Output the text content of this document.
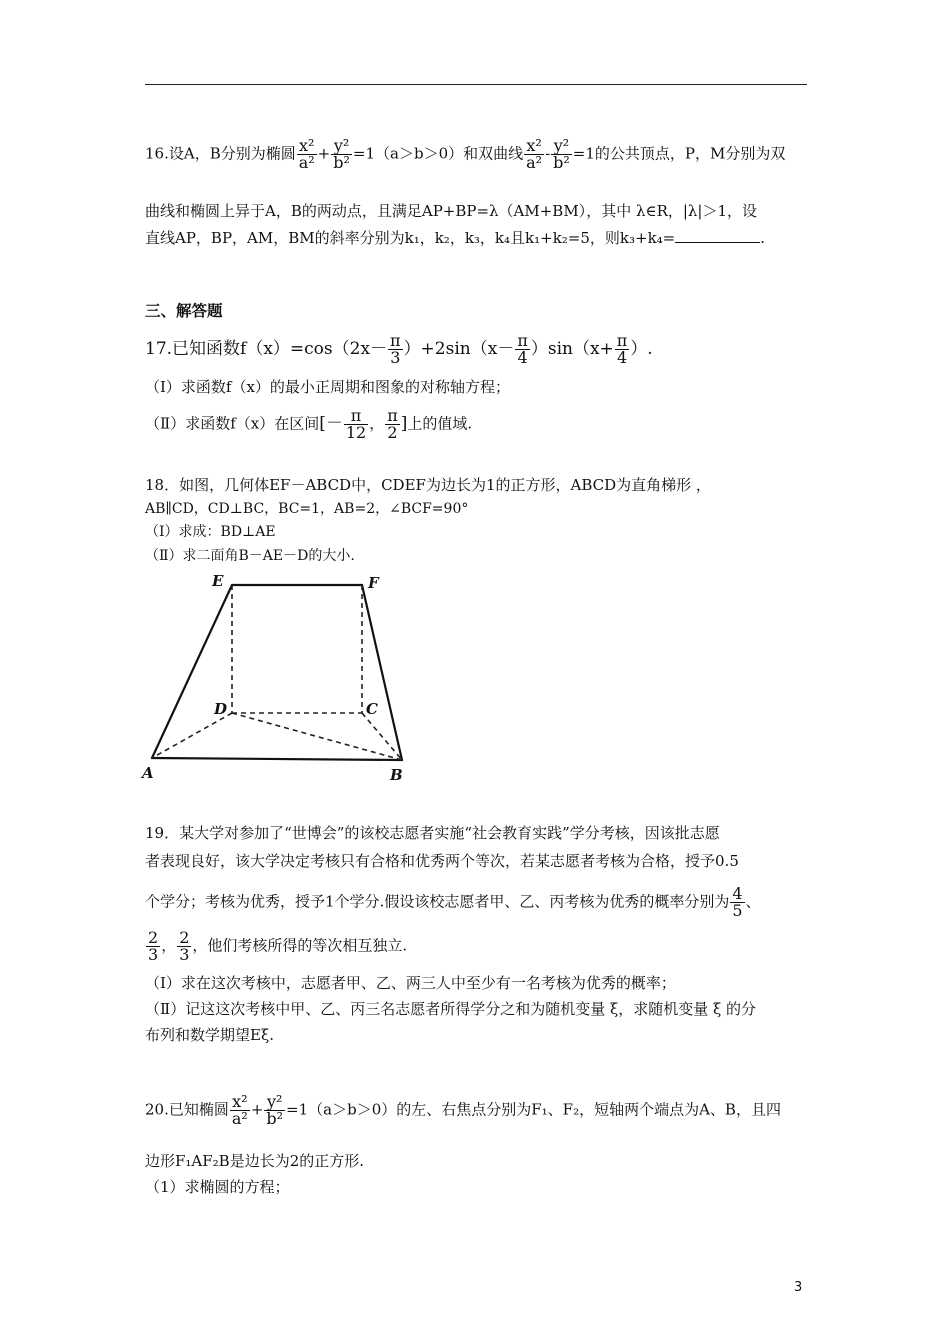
16.设A，B分别为椭圆 $\frac{\text{x²}}{\text{a²}} + \frac{\text{y²}}{\text{b²}} =1(a>b>0)$和双曲线 $\frac{\text{x²}}{\text{a²}} - \frac{\text{y²}}{\text{b²}} =1$的公共顶点，P，M分别为双
曲线和椭圆上异于A，B的两动点，且满足AP+BP=λ（AM+BM），其中 λ∈R，|λ|＞1，设
直线AP，BP，AM，BM的斜率分别为k₁，k₂，k₃，k₄且k₁+k₂=5，则k₃+k₄=	.
三、解答题
17.已知函数$f(x)=\cos(2x- \frac{\pi}{3} )+2\sin(x- \frac{\pi}{4} )\sin(x+ \frac{\pi}{4}$ ）.
（Ⅰ）求函数f（x）的最小正周期和图象的对称轴方程；
（Ⅱ）求函数f（x）在区间[－ $\frac{\pi}{12}$ ， $\frac{\pi}{2}$ ]上的值域.
18．如图，几何体EF－ABCD中，CDEF为边长为1的正方形，ABCD为直角梯形 ，
AB∥CD，CD⊥BC，BC=1，AB=2，∠BCF=90°
（Ⅰ）求成：BD⊥AE
（Ⅱ）求二面角B－AE－D的大小.
E	F
D	C
A	B
19．某大学对参加了“世博会”的该校志愿者实施“社会教育实践”学分考核，因该批志愿
者表现良好，该大学决定考核只有合格和优秀两个等次，若某志愿者考核为合格，授予0.5
个学分；考核为优秀，授予1个学分.假设该校志愿者甲、乙、丙考核为优秀的概率分别为 $\frac{4}{5}$ 、
$\frac{2}{3}$ ， $\frac{2}{3}$ ，他们考核所得的等次相互独立.
（Ⅰ）求在这次考核中，志愿者甲、乙、两三人中至少有一名考核为优秀的概率；
（Ⅱ）记这这次考核中甲、乙、丙三名志愿者所得学分之和为随机变量 ξ，求随机变量 ξ 的分
布列和数学期望Eξ.
20.已知椭圆 $\frac{\text{x²}}{\text{a²}} + \frac{\text{y²}}{\text{b²}} =1(a>b>0)$的左、右焦点分别为F₁、F₂，短轴两个端点为A、B，且四
边形F₁AF₂B是边长为2的正方形.
（1）求椭圆的方程；
3
